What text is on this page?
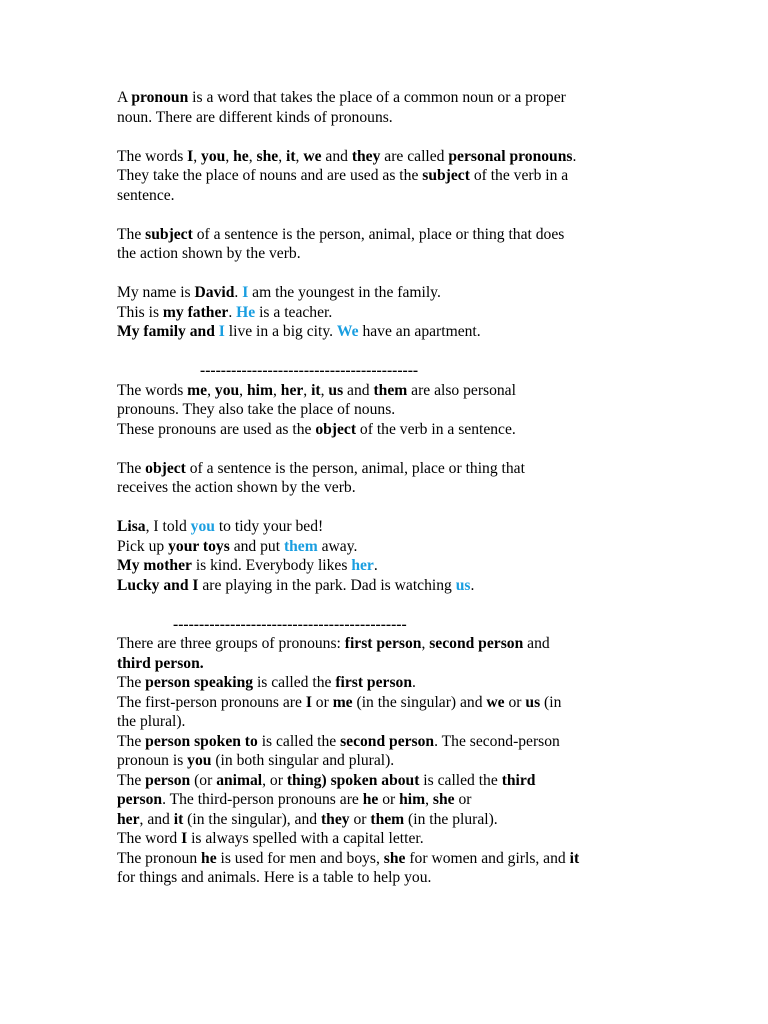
A pronoun is a word that takes the place of a common noun or a proper
noun. There are different kinds of pronouns.
The words I, you, he, she, it, we and they are called personal pronouns.
They take the place of nouns and are used as the subject of the verb in a
sentence.
The subject of a sentence is the person, animal, place or thing that does
the action shown by the verb.
My name is David. I am the youngest in the family.
This is my father. He is a teacher.
My family and I live in a big city. We have an apartment.
------------------------------------------
The words me, you, him, her, it, us and them are also personal
pronouns. They also take the place of nouns.
These pronouns are used as the object of the verb in a sentence.
The object of a sentence is the person, animal, place or thing that
receives the action shown by the verb.
Lisa, I told you to tidy your bed!
Pick up your toys and put them away.
My mother is kind. Everybody likes her.
Lucky and I are playing in the park. Dad is watching us.
---------------------------------------------
There are three groups of pronouns: first person, second person and
third person.
The person speaking is called the first person.
The first-person pronouns are I or me (in the singular) and we or us (in
the plural).
The person spoken to is called the second person. The second-person
pronoun is you (in both singular and plural).
The person (or animal, or thing) spoken about is called the third
person. The third-person pronouns are he or him, she or
her, and it (in the singular), and they or them (in the plural).
The word I is always spelled with a capital letter.
The pronoun he is used for men and boys, she for women and girls, and it
for things and animals. Here is a table to help you.
